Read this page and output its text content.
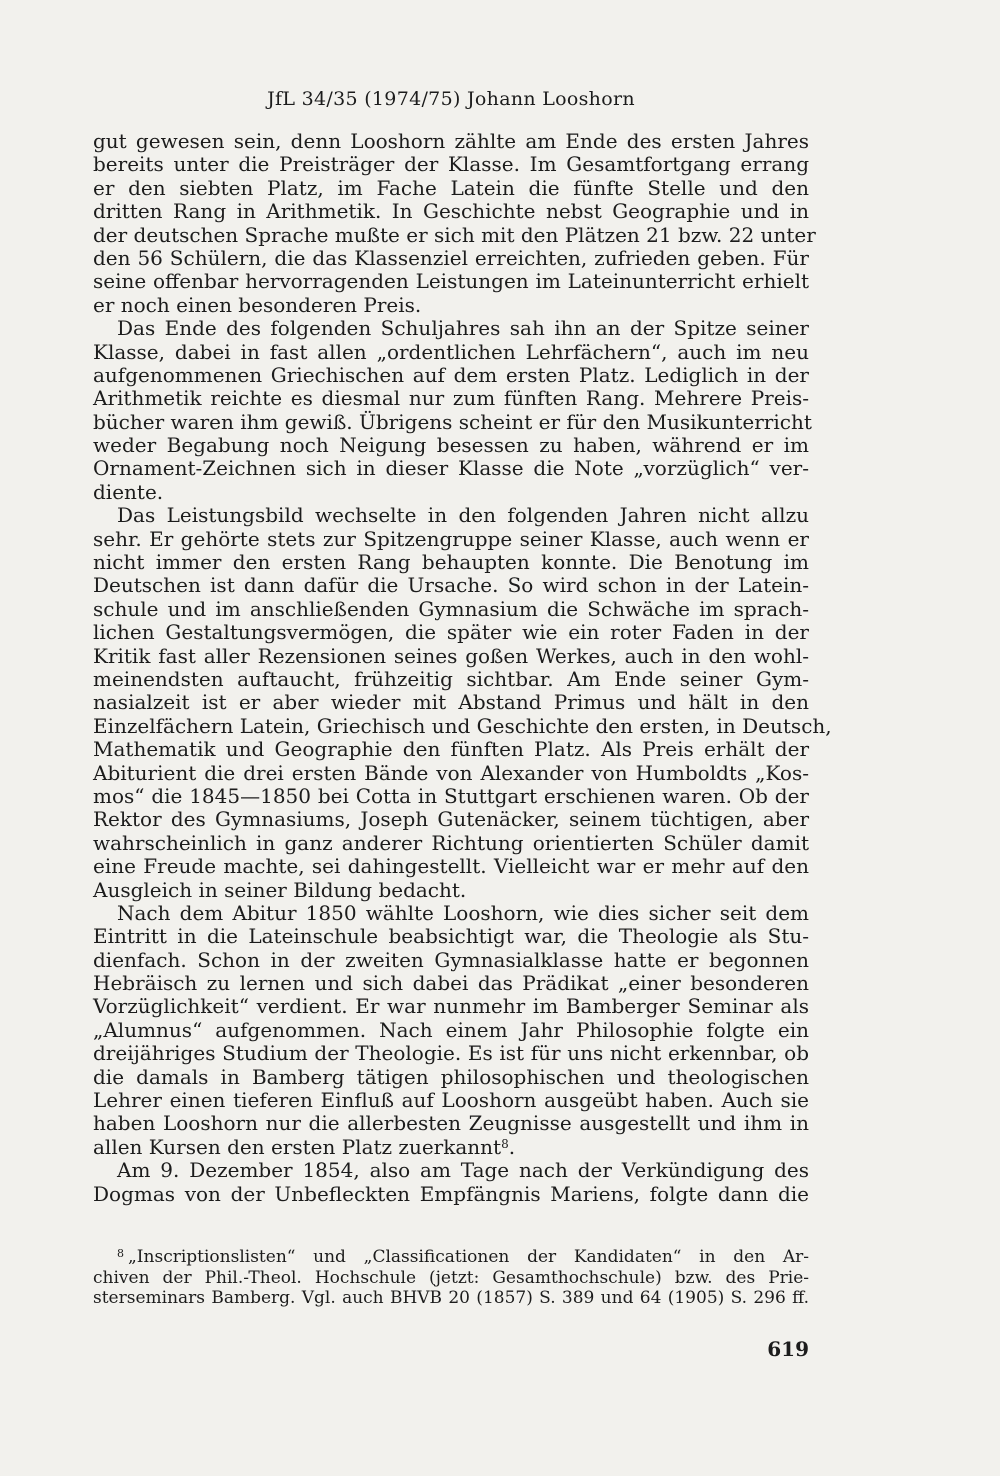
JfL 34/35 (1974/75) Johann Looshorn
gut gewesen sein, denn Looshorn zählte am Ende des ersten Jahres
bereits unter die Preisträger der Klasse. Im Gesamtfortgang errang
er den siebten Platz, im Fache Latein die fünfte Stelle und den
dritten Rang in Arithmetik. In Geschichte nebst Geographie und in
der deutschen Sprache mußte er sich mit den Plätzen 21 bzw. 22 unter
den 56 Schülern, die das Klassenziel erreichten, zufrieden geben. Für
seine offenbar hervorragenden Leistungen im Lateinunterricht erhielt
er noch einen besonderen Preis.
Das Ende des folgenden Schuljahres sah ihn an der Spitze seiner
Klasse, dabei in fast allen „ordentlichen Lehrfächern“, auch im neu
aufgenommenen Griechischen auf dem ersten Platz. Lediglich in der
Arithmetik reichte es diesmal nur zum fünften Rang. Mehrere Preis-
bücher waren ihm gewiß. Übrigens scheint er für den Musikunterricht
weder Begabung noch Neigung besessen zu haben, während er im
Ornament-Zeichnen sich in dieser Klasse die Note „vorzüglich“ ver-
diente.
Das Leistungsbild wechselte in den folgenden Jahren nicht allzu
sehr. Er gehörte stets zur Spitzengruppe seiner Klasse, auch wenn er
nicht immer den ersten Rang behaupten konnte. Die Benotung im
Deutschen ist dann dafür die Ursache. So wird schon in der Latein-
schule und im anschließenden Gymnasium die Schwäche im sprach-
lichen Gestaltungsvermögen, die später wie ein roter Faden in der
Kritik fast aller Rezensionen seines goßen Werkes, auch in den wohl-
meinendsten auftaucht, frühzeitig sichtbar. Am Ende seiner Gym-
nasialzeit ist er aber wieder mit Abstand Primus und hält in den
Einzelfächern Latein, Griechisch und Geschichte den ersten, in Deutsch,
Mathematik und Geographie den fünften Platz. Als Preis erhält der
Abiturient die drei ersten Bände von Alexander von Humboldts „Kos-
mos“ die 1845—1850 bei Cotta in Stuttgart erschienen waren. Ob der
Rektor des Gymnasiums, Joseph Gutenäcker, seinem tüchtigen, aber
wahrscheinlich in ganz anderer Richtung orientierten Schüler damit
eine Freude machte, sei dahingestellt. Vielleicht war er mehr auf den
Ausgleich in seiner Bildung bedacht.
Nach dem Abitur 1850 wählte Looshorn, wie dies sicher seit dem
Eintritt in die Lateinschule beabsichtigt war, die Theologie als Stu-
dienfach. Schon in der zweiten Gymnasialklasse hatte er begonnen
Hebräisch zu lernen und sich dabei das Prädikat „einer besonderen
Vorzüglichkeit“ verdient. Er war nunmehr im Bamberger Seminar als
„Alumnus“ aufgenommen. Nach einem Jahr Philosophie folgte ein
dreijähriges Studium der Theologie. Es ist für uns nicht erkennbar, ob
die damals in Bamberg tätigen philosophischen und theologischen
Lehrer einen tieferen Einfluß auf Looshorn ausgeübt haben. Auch sie
haben Looshorn nur die allerbesten Zeugnisse ausgestellt und ihm in
allen Kursen den ersten Platz zuerkannt$^8$.
Am 9. Dezember 1854, also am Tage nach der Verkündigung des
Dogmas von der Unbefleckten Empfängnis Mariens, folgte dann die
$^8$ „Inscriptionslisten“ und „Classificationen der Kandidaten“ in den Ar-
chiven der Phil.-Theol. Hochschule (jetzt: Gesamthochschule) bzw. des Prie-
sterseminars Bamberg. Vgl. auch BHVB 20 (1857) S. 389 und 64 (1905) S. 296 ff.
619
